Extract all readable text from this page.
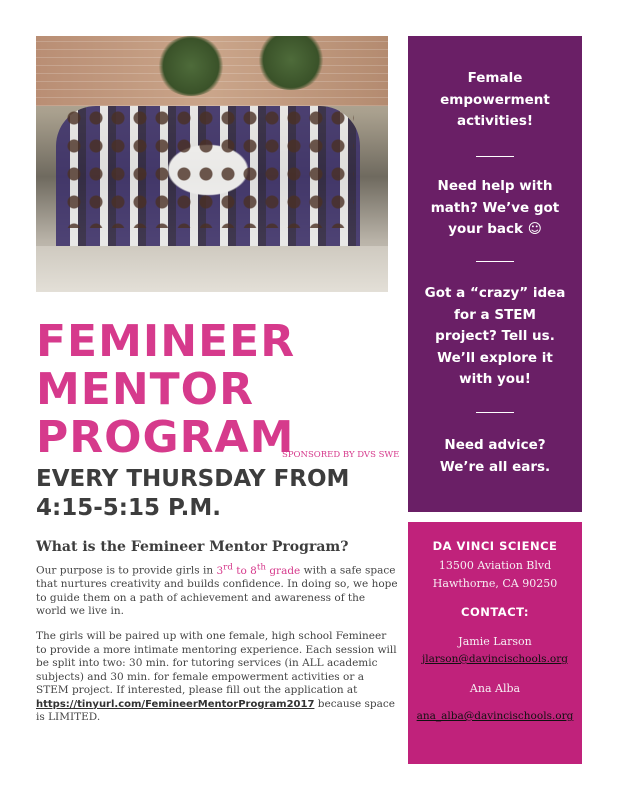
FEMINEER
MENTOR
PROGRAM
SPONSORED BY DVS SWE
EVERY THURSDAY FROM
4:15-5:15 P.M.
What is the Femineer Mentor Program?

Our purpose is to provide girls in 3rd to 8th grade with a safe space that nurtures creativity and builds confidence. In doing so, we hope to guide them on a path of achievement and awareness of the world we live in.

The girls will be paired up with one female, high school Femineer to provide a more intimate mentoring experience. Each session will be split into two: 30 min. for tutoring services (in ALL academic subjects) and 30 min. for female empowerment activities or a STEM project. If interested, please fill out the application at https://tinyurl.com/FemineerMentorProgram2017 because space is LIMITED.

Female
empowerment
activities!
Need help with
math? We’ve got
your back ☺
Got a “crazy” idea
for a STEM
project? Tell us.
We’ll explore it
with you!
Need advice?
We’re all ears.
DA VINCI SCIENCE
13500 Aviation Blvd
Hawthorne, CA 90250
CONTACT:
Jamie Larson
jlarson@davincischools.org
Ana Alba
ana_alba@davincischools.org
